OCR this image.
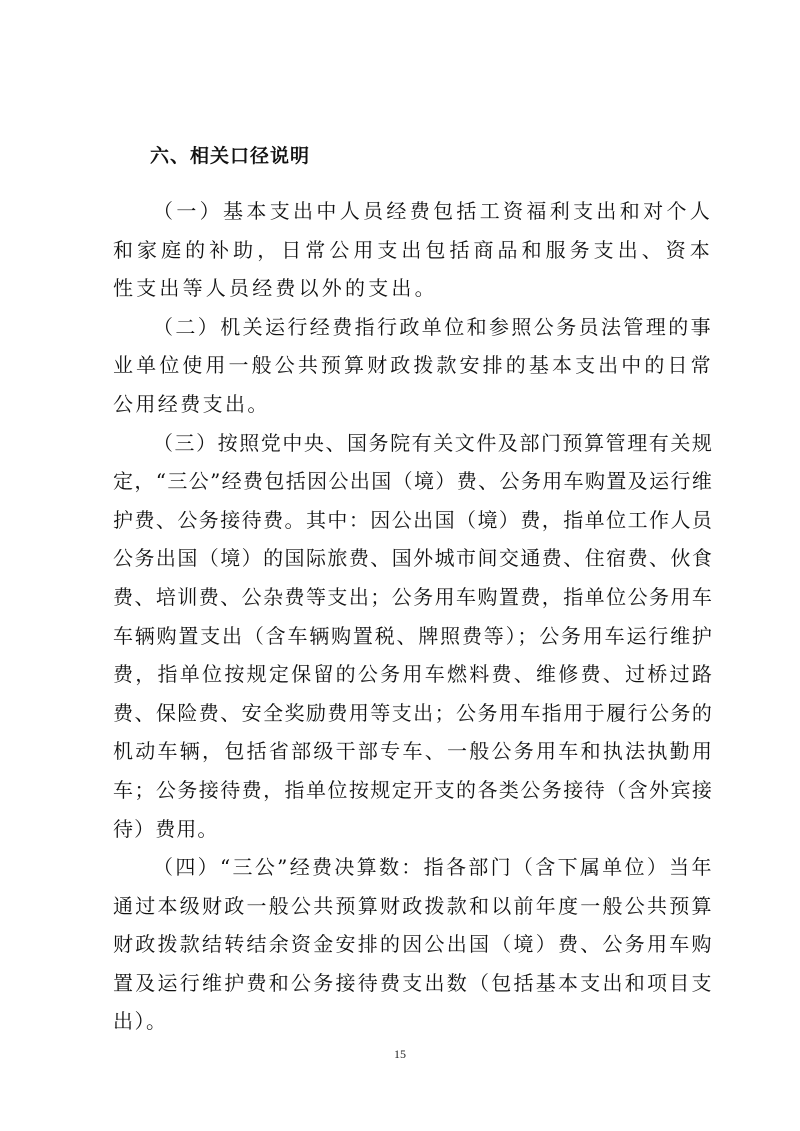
六、相关口径说明

（一）基本支出中人员经费包括工资福利支出和对个人和家庭的补助，日常公用支出包括商品和服务支出、资本性支出等人员经费以外的支出。

（二）机关运行经费指行政单位和参照公务员法管理的事业单位使用一般公共预算财政拨款安排的基本支出中的日常公用经费支出。

（三）按照党中央、国务院有关文件及部门预算管理有关规定，“三公”经费包括因公出国（境）费、公务用车购置及运行维护费、公务接待费。其中：因公出国（境）费，指单位工作人员公务出国（境）的国际旅费、国外城市间交通费、住宿费、伙食费、培训费、公杂费等支出；公务用车购置费，指单位公务用车车辆购置支出（含车辆购置税、牌照费等）；公务用车运行维护费，指单位按规定保留的公务用车燃料费、维修费、过桥过路费、保险费、安全奖励费用等支出；公务用车指用于履行公务的机动车辆，包括省部级干部专车、一般公务用车和执法执勤用车；公务接待费，指单位按规定开支的各类公务接待（含外宾接待）费用。

（四）“三公”经费决算数：指各部门（含下属单位）当年通过本级财政一般公共预算财政拨款和以前年度一般公共预算财政拨款结转结余资金安排的因公出国（境）费、公务用车购置及运行维护费和公务接待费支出数（包括基本支出和项目支出）。

15
